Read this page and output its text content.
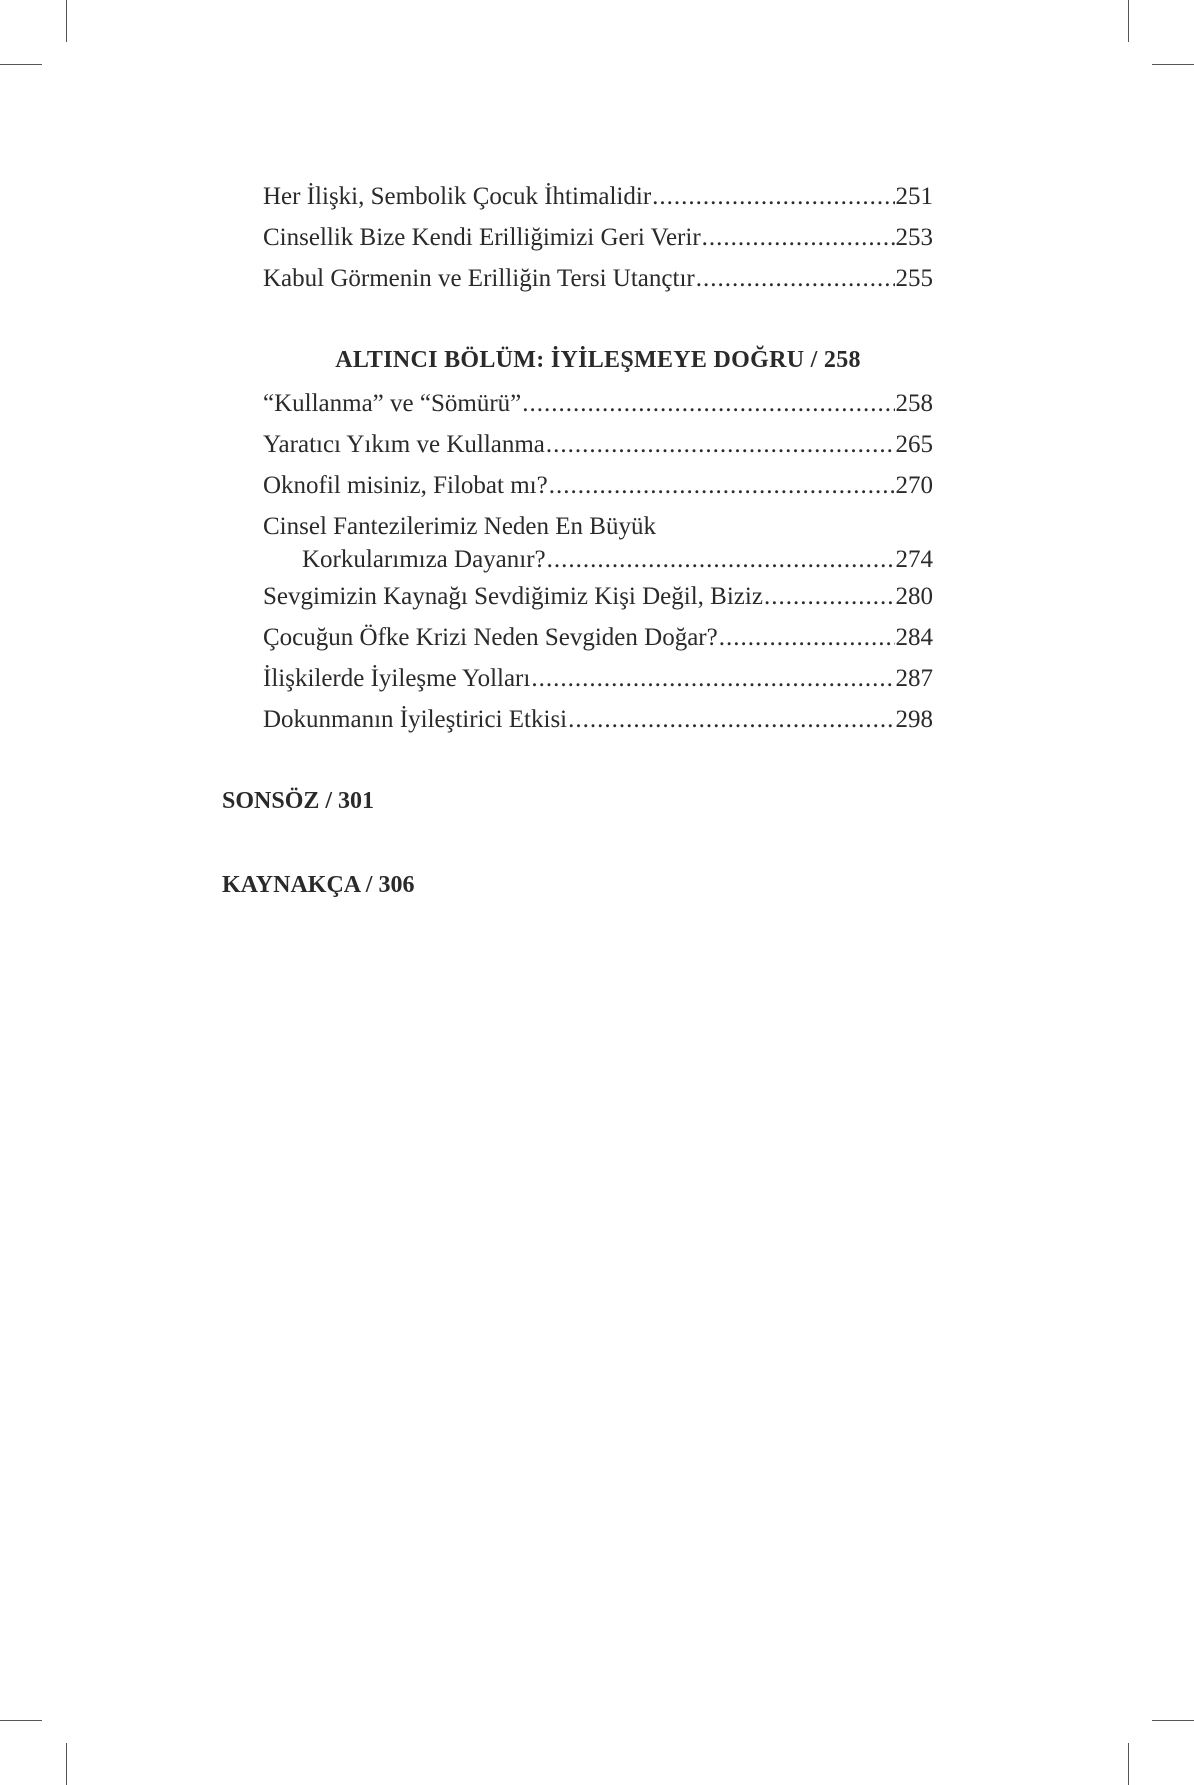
Her İlişki, Sembolik Çocuk İhtimalidir .....	251
Cinsellik Bize Kendi Erilliğimizi Geri Verir .....	253
Kabul Görmenin ve Erilliğin Tersi Utançtır .....	255
ALTINCI BÖLÜM: İYİLEŞMEYE DOĞRU / 258
“Kullanma” ve “Sömürü” .....	258
Yaratıcı Yıkım ve Kullanma .....	265
Oknofil misiniz, Filobat mı? .....	270
Cinsel Fantezilerimiz Neden En Büyük
Korkularımıza Dayanır? .....	274
Sevgimizin Kaynağı Sevdiğimiz Kişi Değil, Biziz .....	280
Çocuğun Öfke Krizi Neden Sevgiden Doğar? .....	284
İlişkilerde İyileşme Yolları .....	287
Dokunmanın İyileştirici Etkisi .....	298
SONSÖZ / 301
KAYNAKÇA / 306
